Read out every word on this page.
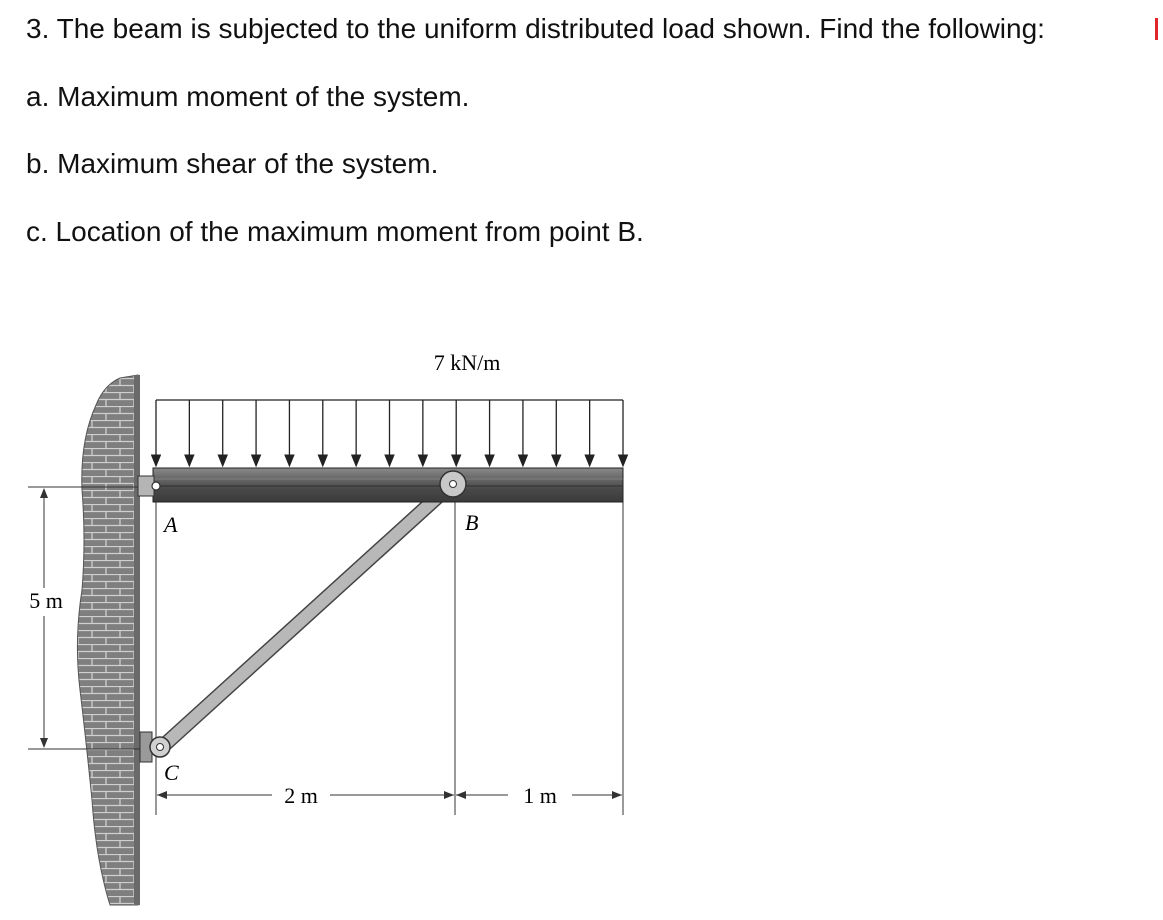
3. The beam is subjected to the uniform distributed load shown. Find the following:

a. Maximum moment of the system.

b. Maximum shear of the system.

c. Location of the maximum moment from point B.

5 m
7 kN/m
A	B
C
2 m	1 m
